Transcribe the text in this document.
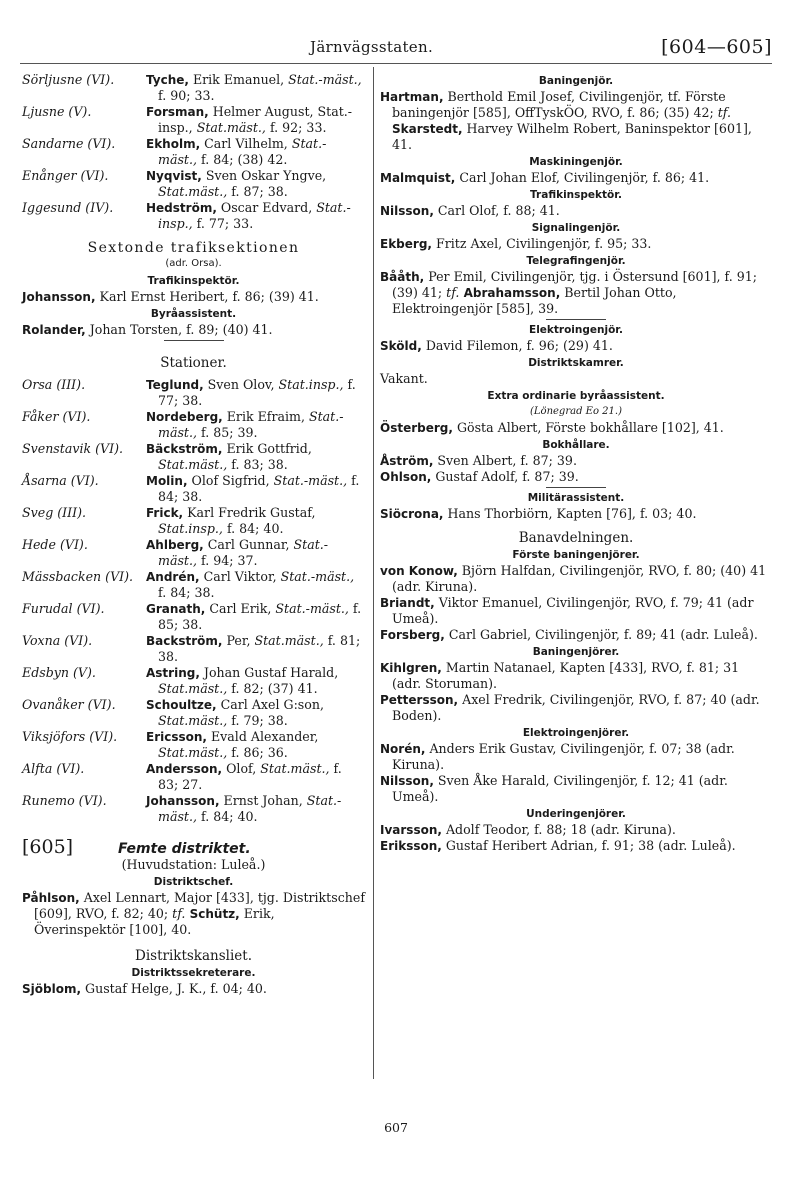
Järnvägsstaten.	[604—605]
Sörljusne (VI).	Tyche, Erik Emanuel, Stat.-mäst., f. 90; 33.
Ljusne (V).	Forsman, Helmer August, Stat.-insp., Stat.mäst., f. 92; 33.
Sandarne (VI).	Ekholm, Carl Vilhelm, Stat.-mäst., f. 84; (38) 42.
Enånger (VI).	Nyqvist, Sven Oskar Yngve, Stat.mäst., f. 87; 38.
Iggesund (IV).	Hedström, Oscar Edvard, Stat.-insp., f. 77; 33.
Sextonde trafiksektionen
(adr. Orsa).
Trafikinspektör.
Johansson, Karl Ernst Heribert, f. 86; (39) 41.
Byråassistent.
Rolander, Johan Torsten, f. 89; (40) 41.
Stationer.
Orsa (III).	Teglund, Sven Olov, Stat.insp., f. 77; 38.
Fåker (VI).	Nordeberg, Erik Efraim, Stat.-mäst., f. 85; 39.
Svenstavik (VI).	Bäckström, Erik Gottfrid, Stat.mäst., f. 83; 38.
Åsarna (VI).	Molin, Olof Sigfrid, Stat.-mäst., f. 84; 38.
Sveg (III).	Frick, Karl Fredrik Gustaf, Stat.insp., f. 84; 40.
Hede (VI).	Ahlberg, Carl Gunnar, Stat.-mäst., f. 94; 37.
Mässbacken (VI).	Andrén, Carl Viktor, Stat.-mäst., f. 84; 38.
Furudal (VI).	Granath, Carl Erik, Stat.-mäst., f. 85; 38.
Voxna (VI).	Backström, Per, Stat.mäst., f. 81; 38.
Edsbyn (V).	Astring, Johan Gustaf Harald, Stat.mäst., f. 82; (37) 41.
Ovanåker (VI).	Schoultze, Carl Axel G:son, Stat.mäst., f. 79; 38.
Viksjöfors (VI).	Ericsson, Evald Alexander, Stat.mäst., f. 86; 36.
Alfta (VI).	Andersson, Olof, Stat.mäst., f. 83; 27.
Runemo (VI).	Johansson, Ernst Johan, Stat.-mäst., f. 84; 40.
[605]	Femte distriktet.
(Huvudstation: Luleå.)
Distriktschef.
Påhlson, Axel Lennart, Major [433], tjg. Distriktschef [609], RVO, f. 82; 40; tf. Schütz, Erik, Överinspektör [100], 40.
Distriktskansliet.
Distriktssekreterare.
Sjöblom, Gustaf Helge, J. K., f. 04; 40.
Baningenjör.
Hartman, Berthold Emil Josef, Civilingenjör, tf. Förste baningenjör [585], OffTyskÖO, RVO, f. 86; (35) 42; tf. Skarstedt, Harvey Wilhelm Robert, Baninspektor [601], 41.
Maskiningenjör.
Malmquist, Carl Johan Elof, Civilingenjör, f. 86; 41.
Trafikinspektör.
Nilsson, Carl Olof, f. 88; 41.
Signalingenjör.
Ekberg, Fritz Axel, Civilingenjör, f. 95; 33.
Telegrafingenjör.
Bååth, Per Emil, Civilingenjör, tjg. i Östersund [601], f. 91; (39) 41; tf. Abrahamsson, Bertil Johan Otto, Elektroingenjör [585], 39.
Elektroingenjör.
Sköld, David Filemon, f. 96; (29) 41.
Distriktskamrer.
Vakant.
Extra ordinarie byråassistent.
(Lönegrad Eo 21.)
Österberg, Gösta Albert, Förste bokhållare [102], 41.
Bokhållare.
Åström, Sven Albert, f. 87; 39.
Ohlson, Gustaf Adolf, f. 87; 39.
Militärassistent.
Siöcrona, Hans Thorbiörn, Kapten [76], f. 03; 40.
Banavdelningen.
Förste baningenjörer.
von Konow, Björn Halfdan, Civilingenjör, RVO, f. 80; (40) 41 (adr. Kiruna).
Briandt, Viktor Emanuel, Civilingenjör, RVO, f. 79; 41 (adr Umeå).
Forsberg, Carl Gabriel, Civilingenjör, f. 89; 41 (adr. Luleå).
Baningenjörer.
Kihlgren, Martin Natanael, Kapten [433], RVO, f. 81; 31 (adr. Storuman).
Pettersson, Axel Fredrik, Civilingenjör, RVO, f. 87; 40 (adr. Boden).
Elektroingenjörer.
Norén, Anders Erik Gustav, Civilingenjör, f. 07; 38 (adr. Kiruna).
Nilsson, Sven Åke Harald, Civilingenjör, f. 12; 41 (adr. Umeå).
Underingenjörer.
Ivarsson, Adolf Teodor, f. 88; 18 (adr. Kiruna).
Eriksson, Gustaf Heribert Adrian, f. 91; 38 (adr. Luleå).
607
